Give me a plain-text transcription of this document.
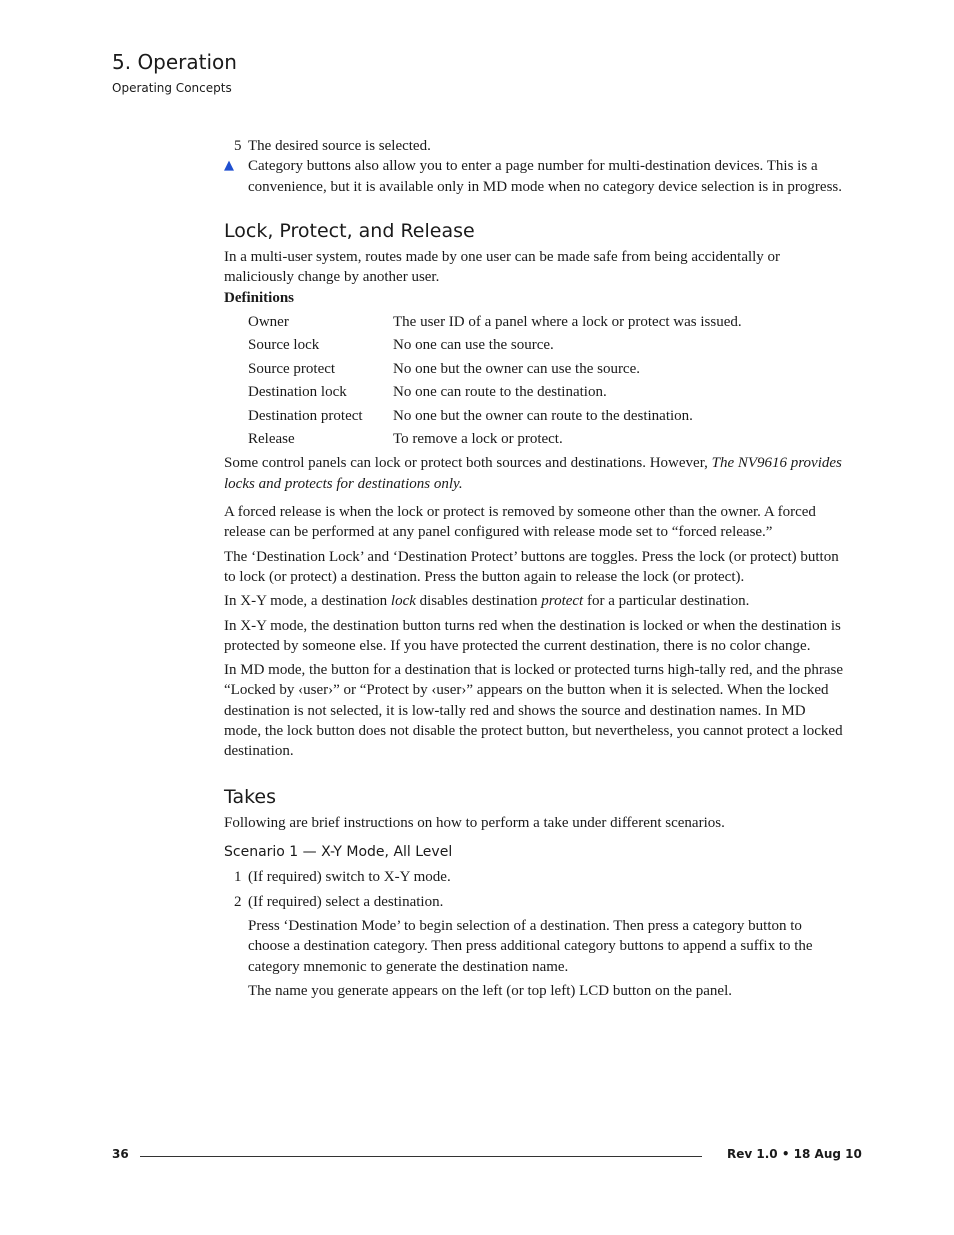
5. Operation
Operating Concepts

5 The desired source is selected.

▲ Category buttons also allow you to enter a page number for multi-destination devices. This is a convenience, but it is available only in MD mode when no category device selection is in progress.

Lock, Protect, and Release

In a multi-user system, routes made by one user can be made safe from being accidentally or maliciously change by another user.

Definitions

Owner	The user ID of a panel where a lock or protect was issued.
Source lock	No one can use the source.
Source protect	No one but the owner can use the source.
Destination lock	No one can route to the destination.
Destination protect	No one but the owner can route to the destination.
Release	To remove a lock or protect.

Some control panels can lock or protect both sources and destinations. However, The NV9616 provides locks and protects for destinations only.

A forced release is when the lock or protect is removed by someone other than the owner. A forced release can be performed at any panel configured with release mode set to “forced release.”

The ‘Destination Lock’ and ‘Destination Protect’ buttons are toggles. Press the lock (or protect) button to lock (or protect) a destination. Press the button again to release the lock (or protect).

In X-Y mode, a destination lock disables destination protect for a particular destination.

In X-Y mode, the destination button turns red when the destination is locked or when the destination is protected by someone else. If you have protected the current destination, there is no color change.

In MD mode, the button for a destination that is locked or protected turns high-tally red, and the phrase “Locked by ‹user›” or “Protect by ‹user›” appears on the button when it is selected. When the locked destination is not selected, it is low-tally red and shows the source and destination names. In MD mode, the lock button does not disable the protect button, but nevertheless, you cannot protect a locked destination.

Takes

Following are brief instructions on how to perform a take under different scenarios.

Scenario 1 — X-Y Mode, All Level

1 (If required) switch to X-Y mode.

2 (If required) select a destination.

Press ‘Destination Mode’ to begin selection of a destination. Then press a category button to choose a destination category. Then press additional category buttons to append a suffix to the category mnemonic to generate the destination name.

The name you generate appears on the left (or top left) LCD button on the panel.

36	Rev 1.0 • 18 Aug 10
